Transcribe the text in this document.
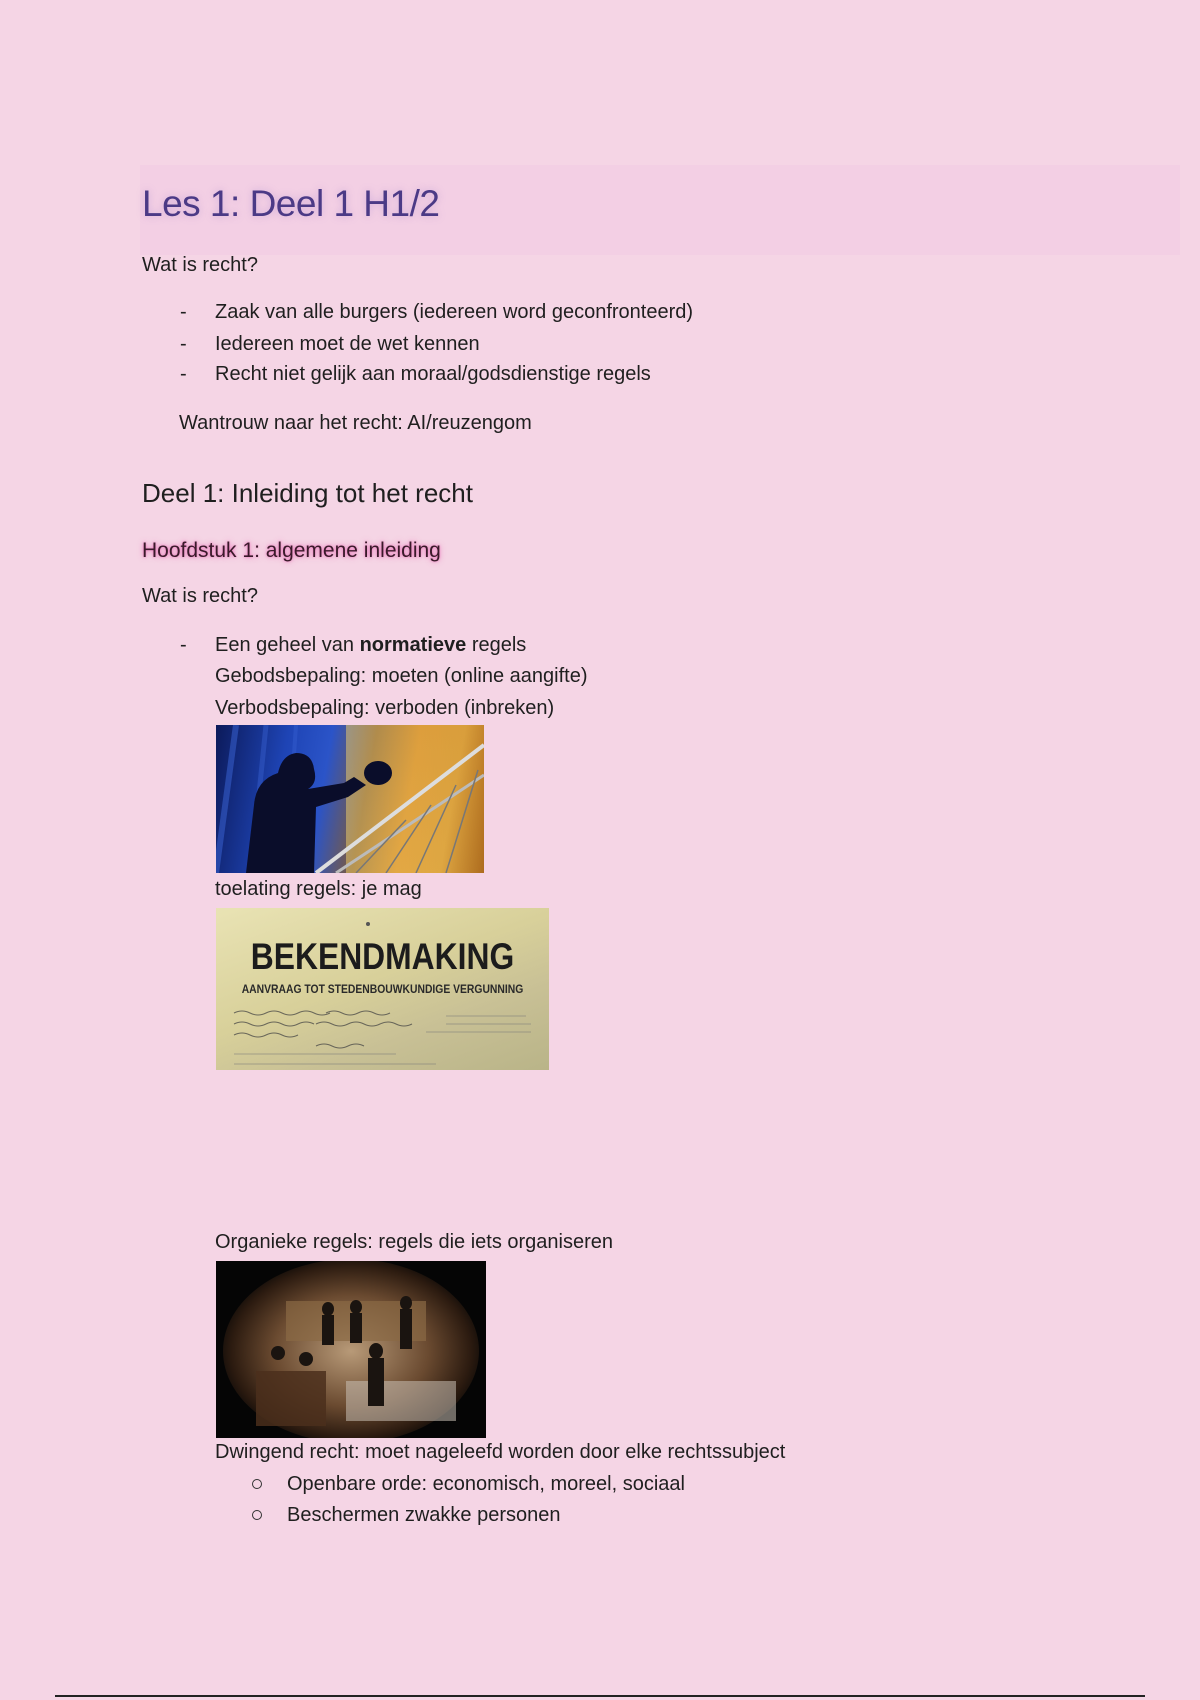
Les 1: Deel 1 H1/2

Wat is recht?

- Zaak van alle burgers (iedereen word geconfronteerd)

- Iedereen moet de wet kennen

- Recht niet gelijk aan moraal/godsdienstige regels

Wantrouw naar het recht: AI/reuzengom

Deel 1: Inleiding tot het recht
Hoofdstuk 1: algemene inleiding

Wat is recht?

- Een geheel van normatieve regels

Gebodsbepaling: moeten (online aangifte)

Verbodsbepaling: verboden (inbreken)

toelating regels: je mag

BEKENDMAKING
AANVRAAG TOT STEDENBOUWKUNDIGE VERGUNNING

Organieke regels: regels die iets organiseren

Dwingend recht: moet nageleefd worden door elke rechtssubject

Openbare orde: economisch, moreel, sociaal

Beschermen zwakke personen
